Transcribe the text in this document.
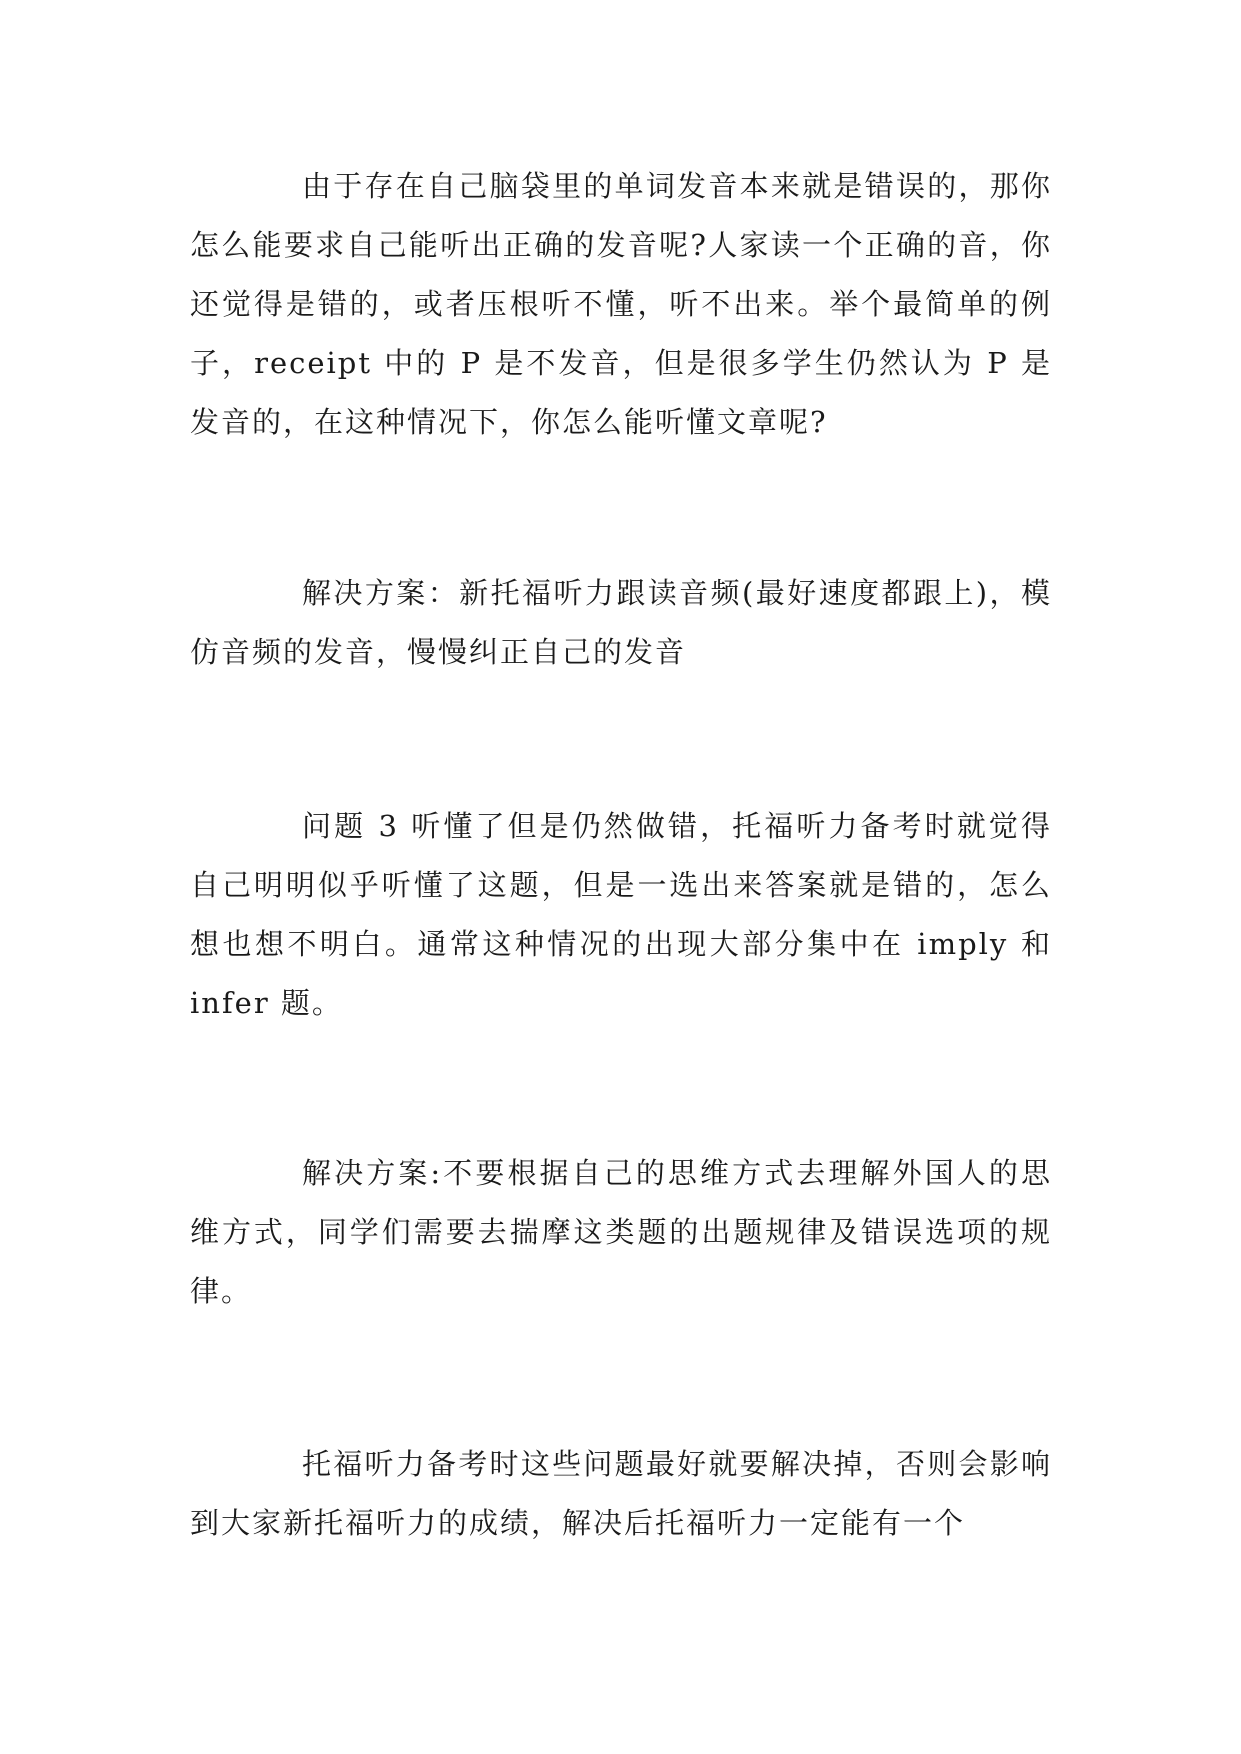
由于存在自己脑袋里的单词发音本来就是错误的，那你怎么能要求自己能听出正确的发音呢?人家读一个正确的音，你还觉得是错的，或者压根听不懂，听不出来。举个最简单的例子，receipt 中的 P 是不发音，但是很多学生仍然认为 P 是发音的，在这种情况下，你怎么能听懂文章呢?

解决方案：新托福听力跟读音频(最好速度都跟上)，模仿音频的发音，慢慢纠正自己的发音

问题 3 听懂了但是仍然做错，托福听力备考时就觉得自己明明似乎听懂了这题，但是一选出来答案就是错的，怎么想也想不明白。通常这种情况的出现大部分集中在 imply 和 infer 题。

解决方案:不要根据自己的思维方式去理解外国人的思维方式，同学们需要去揣摩这类题的出题规律及错误选项的规律。

托福听力备考时这些问题最好就要解决掉，否则会影响到大家新托福听力的成绩，解决后托福听力一定能有一个
